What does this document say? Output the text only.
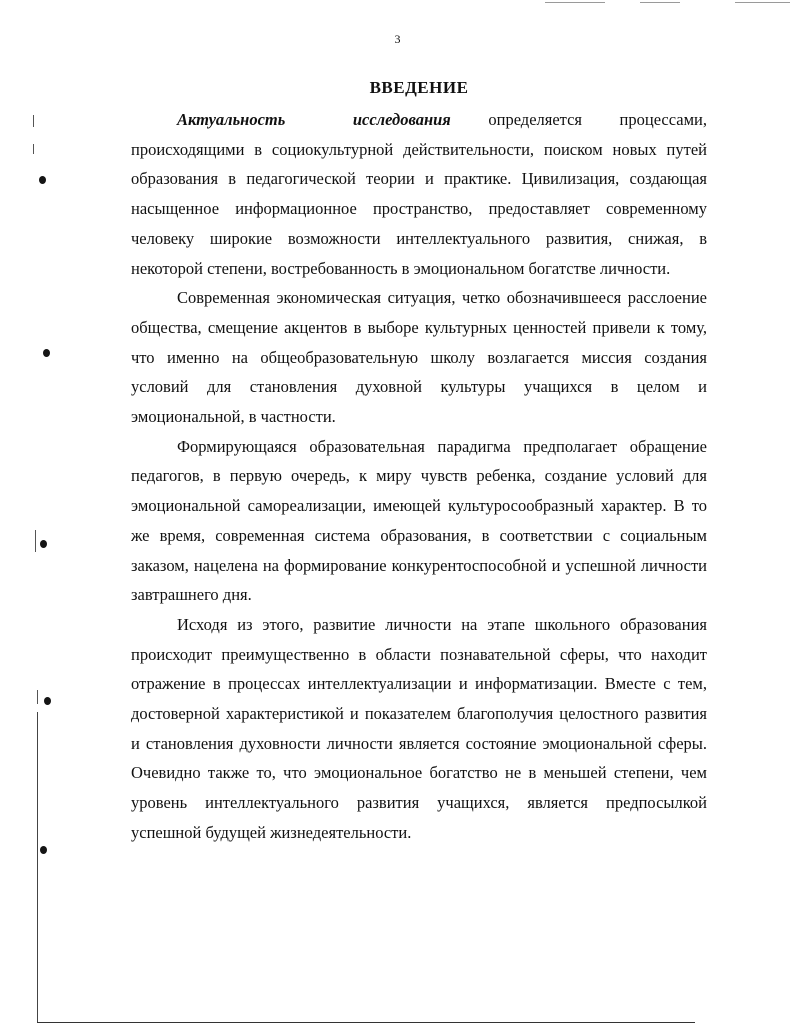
3
ВВЕДЕНИЕ

Актуальность исследования определяется процессами, происходящими в социокультурной действительности, поиском новых путей образования в педагогической теории и практике. Цивилизация, создающая насыщенное информационное пространство, предоставляет современному человеку широкие возможности интеллектуального развития, снижая, в некоторой степени, востребованность в эмоциональном богатстве личности.

Современная экономическая ситуация, четко обозначившееся расслоение общества, смещение акцентов в выборе культурных ценностей привели к тому, что именно на общеобразовательную школу возлагается миссия создания условий для становления духовной культуры учащихся в целом и эмоциональной, в частности.

Формирующаяся образовательная парадигма предполагает обращение педагогов, в первую очередь, к миру чувств ребенка, создание условий для эмоциональной самореализации, имеющей культуросообразный характер. В то же время, современная система образования, в соответствии с социальным заказом, нацелена на формирование конкурентоспособной и успешной личности завтрашнего дня.

Исходя из этого, развитие личности на этапе школьного образования происходит преимущественно в области познавательной сферы, что находит отражение в процессах интеллектуализации и информатизации. Вместе с тем, достоверной характеристикой и показателем благополучия целостного развития и становления духовности личности является состояние эмоциональной сферы. Очевидно также то, что эмоциональное богатство не в меньшей степени, чем уровень интеллектуального развития учащихся, является предпосылкой успешной будущей жизнедеятельности.
